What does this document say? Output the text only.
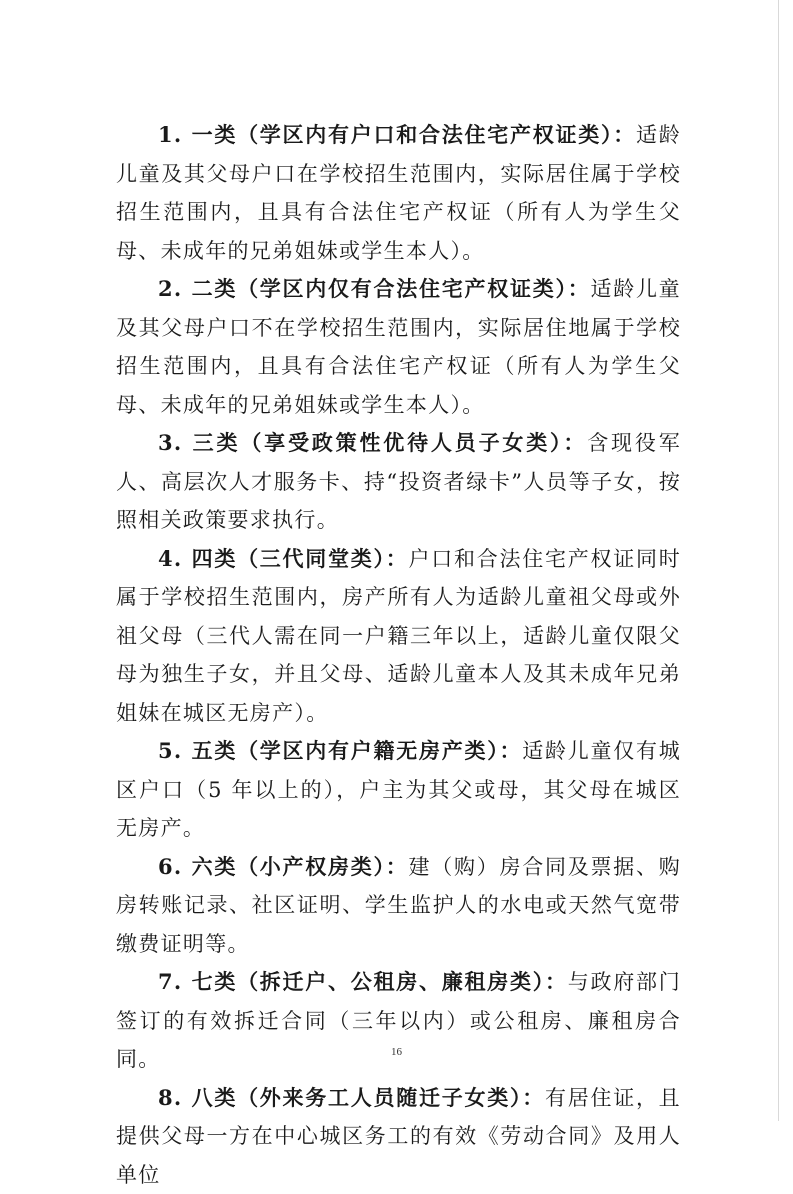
1. 一类（学区内有户口和合法住宅产权证类）：适龄儿童及其父母户口在学校招生范围内，实际居住属于学校招生范围内，且具有合法住宅产权证（所有人为学生父母、未成年的兄弟姐妹或学生本人）。

2. 二类（学区内仅有合法住宅产权证类）：适龄儿童及其父母户口不在学校招生范围内，实际居住地属于学校招生范围内，且具有合法住宅产权证（所有人为学生父母、未成年的兄弟姐妹或学生本人）。

3. 三类（享受政策性优待人员子女类）：含现役军人、高层次人才服务卡、持“投资者绿卡”人员等子女，按照相关政策要求执行。

4. 四类（三代同堂类）：户口和合法住宅产权证同时属于学校招生范围内，房产所有人为适龄儿童祖父母或外祖父母（三代人需在同一户籍三年以上，适龄儿童仅限父母为独生子女，并且父母、适龄儿童本人及其未成年兄弟姐妹在城区无房产）。

5. 五类（学区内有户籍无房产类）：适龄儿童仅有城区户口（5 年以上的），户主为其父或母，其父母在城区无房产。

6. 六类（小产权房类）：建（购）房合同及票据、购房转账记录、社区证明、学生监护人的水电或天然气宽带缴费证明等。

7. 七类（拆迁户、公租房、廉租房类）：与政府部门签订的有效拆迁合同（三年以内）或公租房、廉租房合同。

8. 八类（外来务工人员随迁子女类）：有居住证，且提供父母一方在中心城区务工的有效《劳动合同》及用人单位

16
